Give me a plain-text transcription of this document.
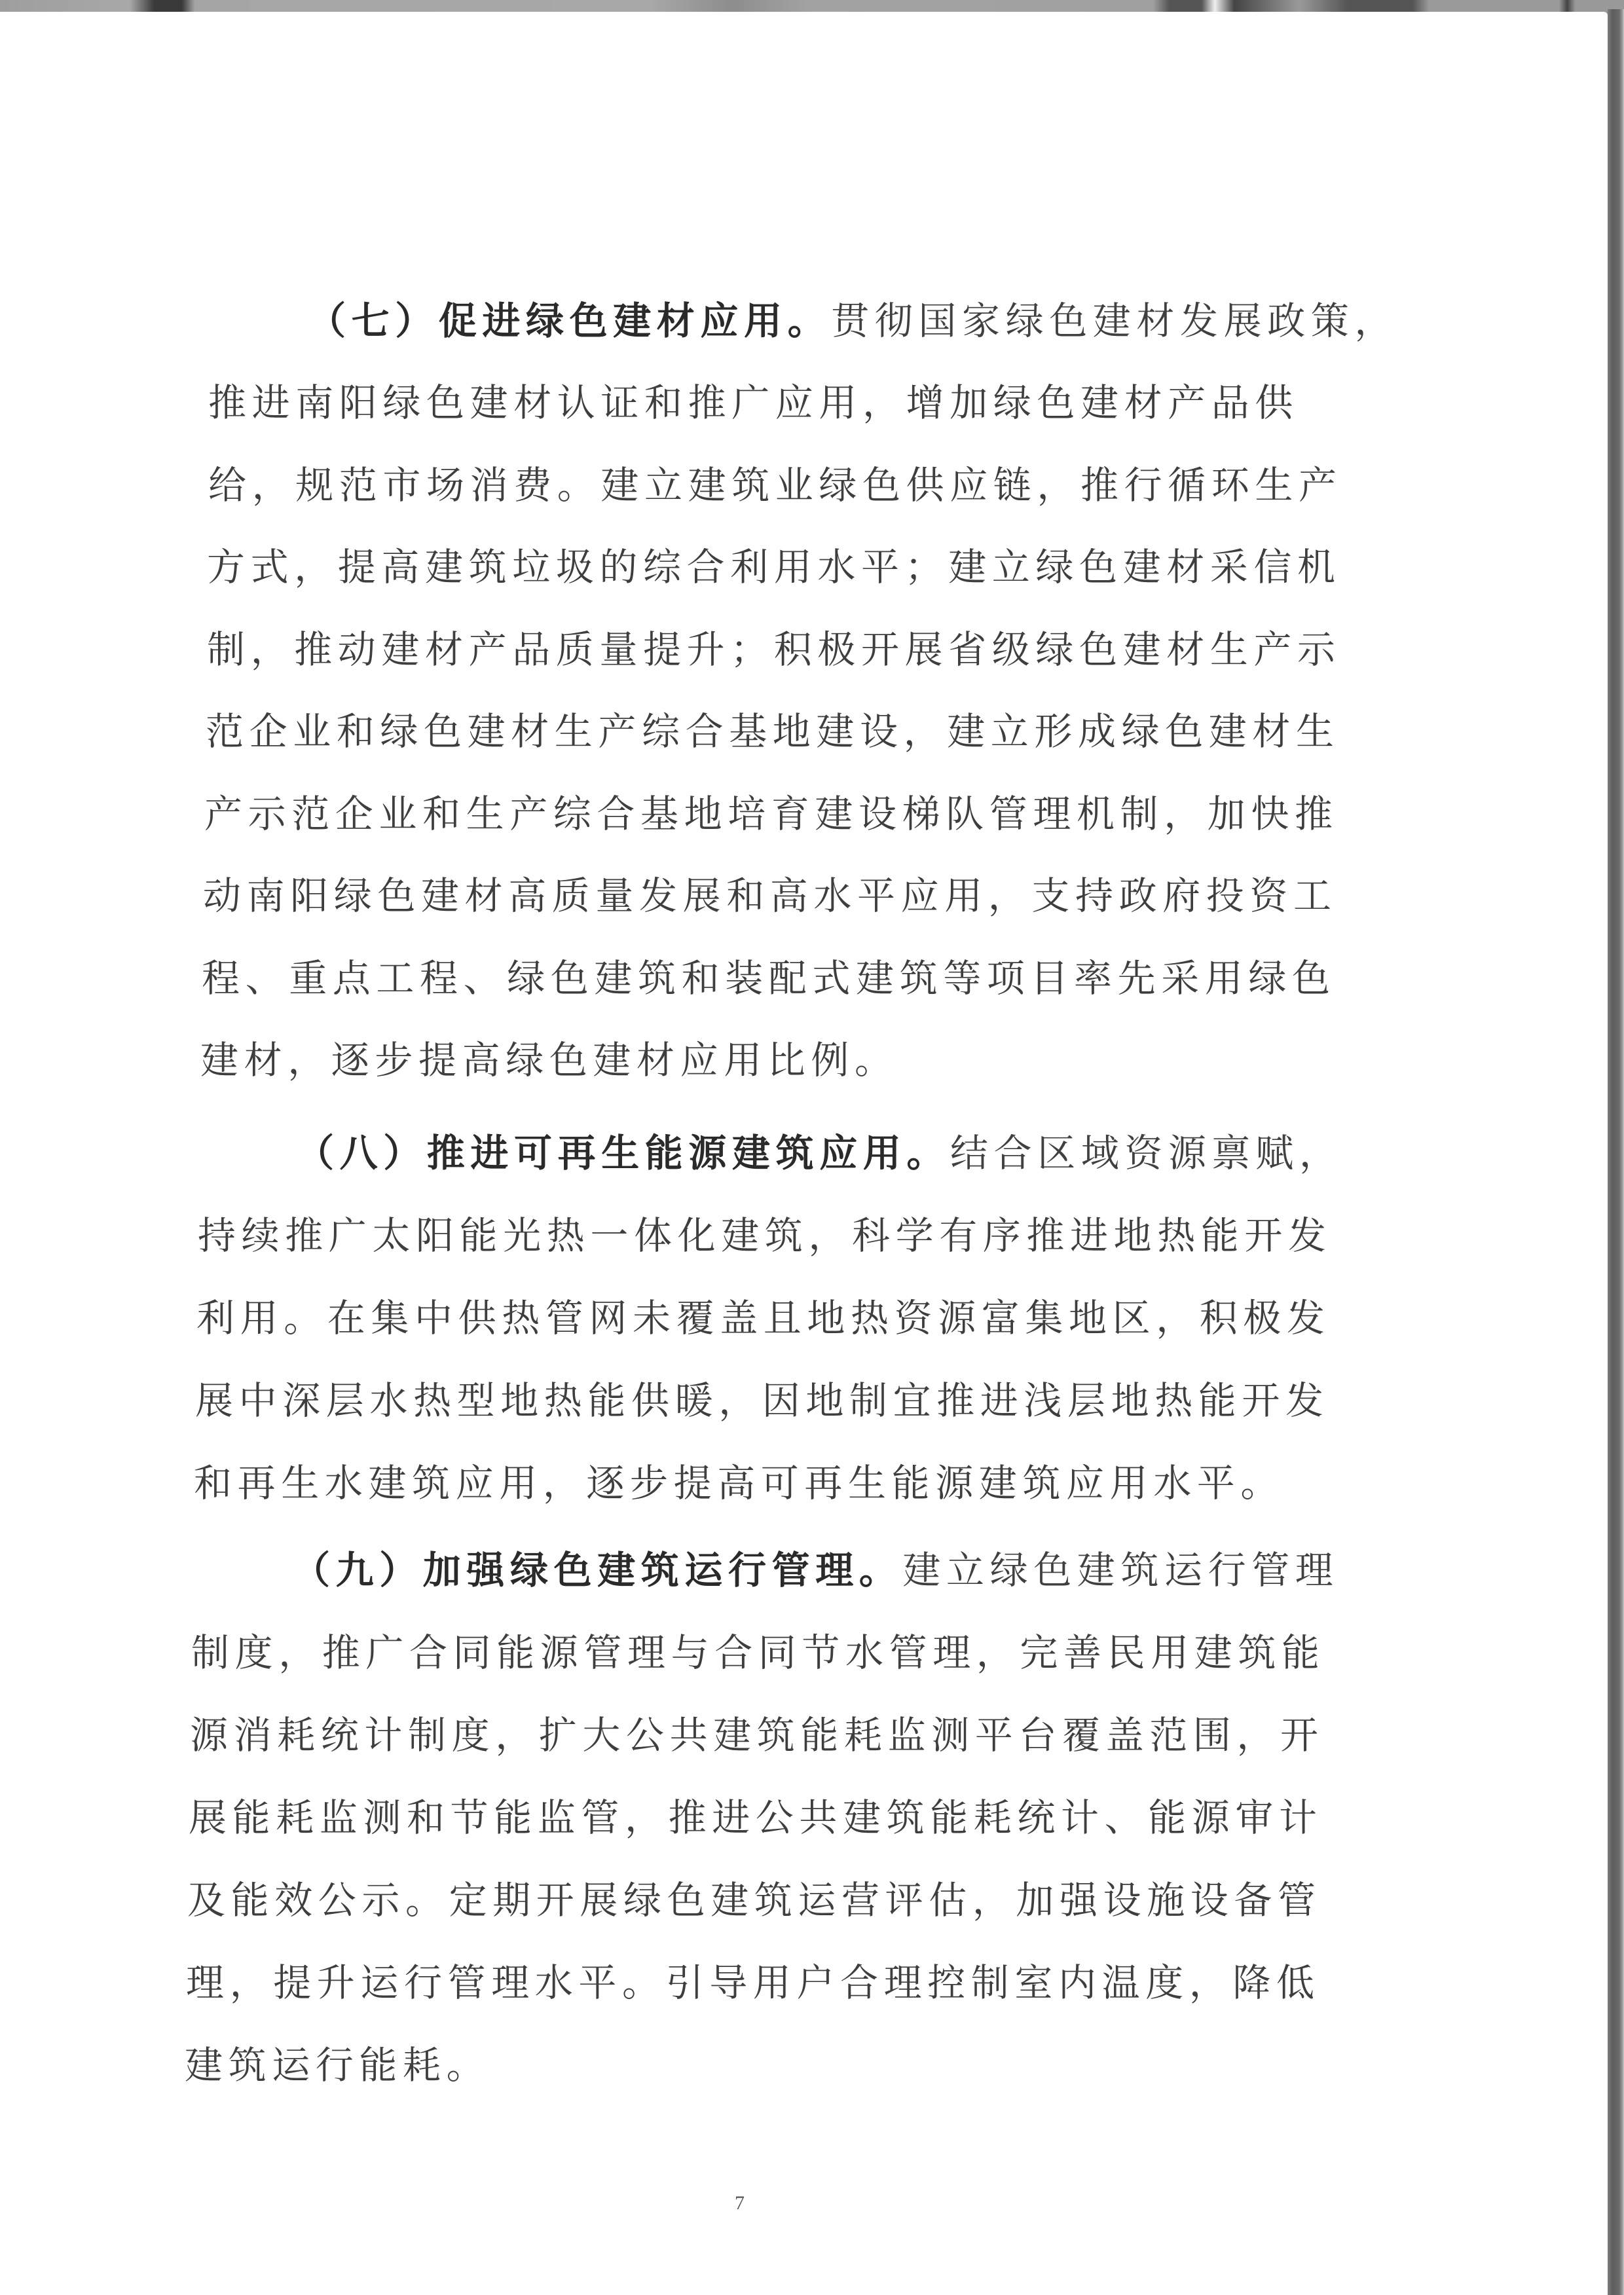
（七）促进绿色建材应用。贯彻国家绿色建材发展政策，
推进南阳绿色建材认证和推广应用，增加绿色建材产品供
给，规范市场消费。建立建筑业绿色供应链，推行循环生产
方式，提高建筑垃圾的综合利用水平；建立绿色建材采信机
制，推动建材产品质量提升；积极开展省级绿色建材生产示
范企业和绿色建材生产综合基地建设，建立形成绿色建材生
产示范企业和生产综合基地培育建设梯队管理机制，加快推
动南阳绿色建材高质量发展和高水平应用，支持政府投资工
程、重点工程、绿色建筑和装配式建筑等项目率先采用绿色
建材，逐步提高绿色建材应用比例。
（八）推进可再生能源建筑应用。结合区域资源禀赋，
持续推广太阳能光热一体化建筑，科学有序推进地热能开发
利用。在集中供热管网未覆盖且地热资源富集地区，积极发
展中深层水热型地热能供暖，因地制宜推进浅层地热能开发
和再生水建筑应用，逐步提高可再生能源建筑应用水平。
（九）加强绿色建筑运行管理。建立绿色建筑运行管理
制度，推广合同能源管理与合同节水管理，完善民用建筑能
源消耗统计制度，扩大公共建筑能耗监测平台覆盖范围，开
展能耗监测和节能监管，推进公共建筑能耗统计、能源审计
及能效公示。定期开展绿色建筑运营评估，加强设施设备管
理，提升运行管理水平。引导用户合理控制室内温度，降低
建筑运行能耗。
7
